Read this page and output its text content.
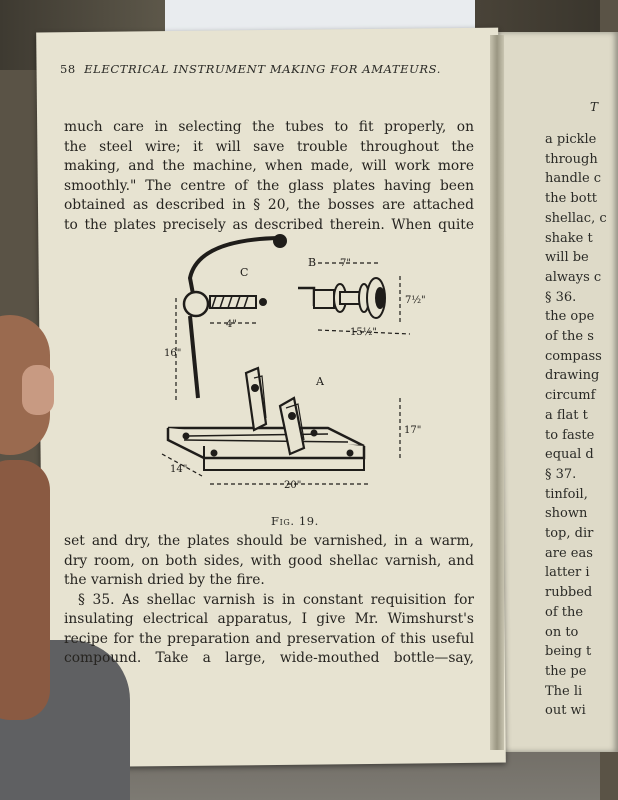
T
a pickle
through
handle c
the bott
shellac, c
shake t
will be
always c
§ 36.
the ope
of the s
compass
drawing
circumf
a flat t
to faste
equal d
§ 37.
tinfoil,
shown
top, dir
are eas
latter i
rubbed
of the
on to
being t
the pe
The li
out wi
58 ELECTRICAL INSTRUMENT MAKING FOR AMATEURS.
much care in selecting the tubes to fit properly, on
the steel wire; it will save trouble throughout the
making, and the machine, when made, will work more
smoothly." The centre of the glass plates having been
obtained as described in § 20, the bosses are attached
to the plates precisely as described therein. When quite
A
B
C
4"
7"
7½"
15½"
16"
17"
14"
20"
Fig. 19.
set and dry, the plates should be varnished, in a warm,
dry room, on both sides, with good shellac varnish, and
the varnish dried by the fire.
§ 35. As shellac varnish is in constant requisition for
insulating electrical apparatus, I give Mr. Wimshurst's
recipe for the preparation and preservation of this useful
compound. Take a large, wide-mouthed bottle—say,
